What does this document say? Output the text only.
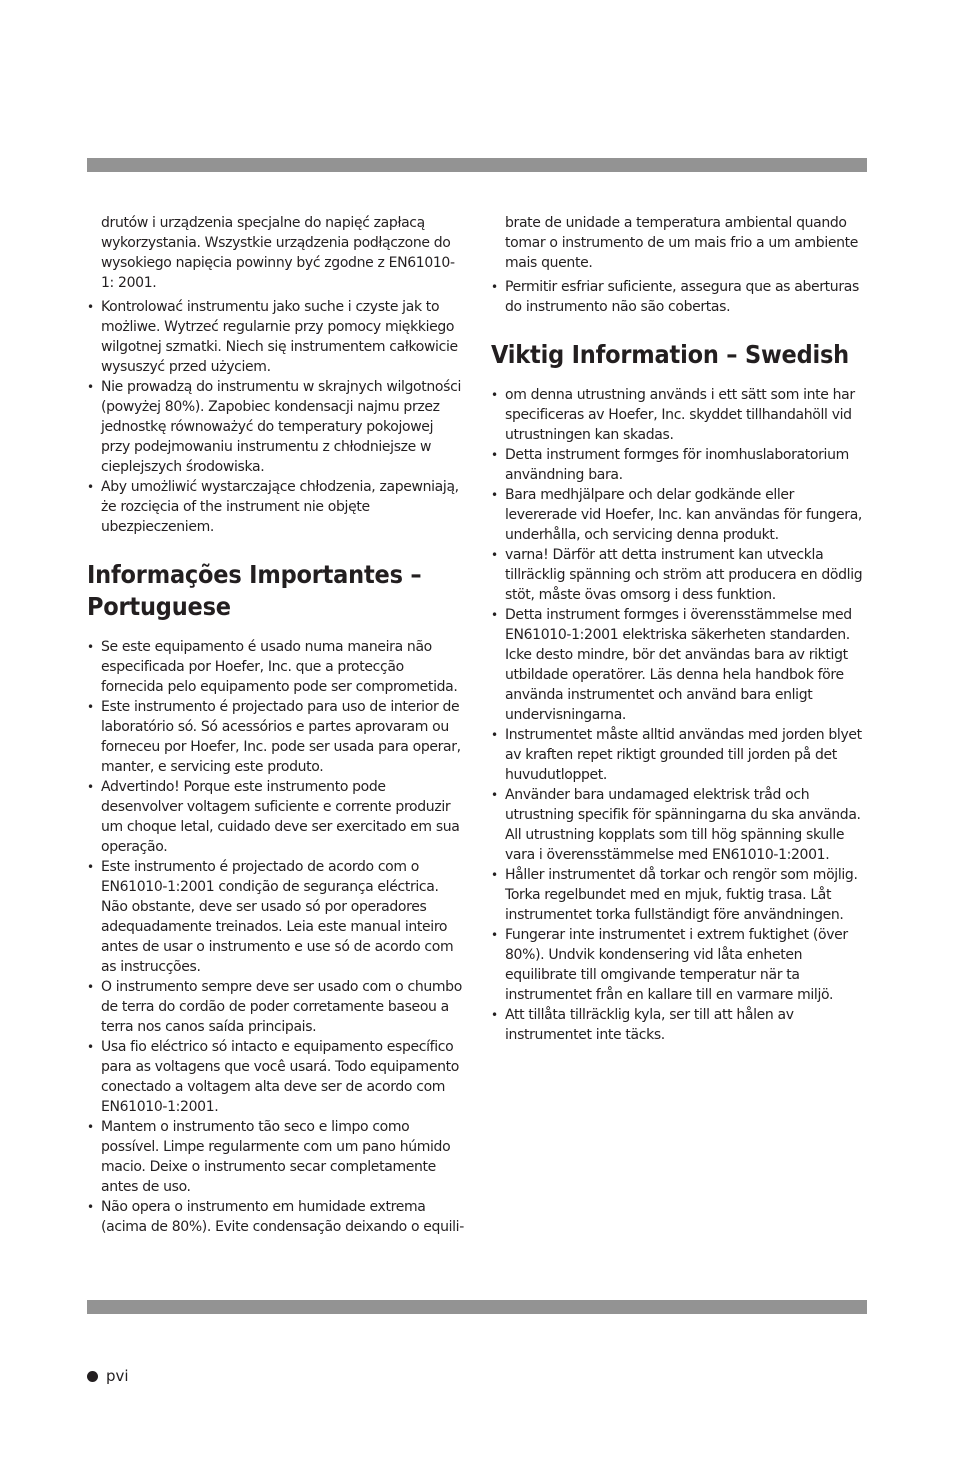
drutów i urządzenia specjalne do napięć zapłacą wykorzystania. Wszystkie urządzenia podłączone do wysokiego napięcia powinny być zgodne z EN61010-1: 2001.

• Kontrolować instrumentu jako suche i czyste jak to możliwe. Wytrzeć regularnie przy pomocy miękkiego wilgotnej szmatki. Niech się instrumentem całkowicie wysuszyć przed użyciem.
• Nie prowadzą do instrumentu w skrajnych wilgotności (powyżej 80%). Zapobiec kondensacji najmu przez jednostkę równoważyć do temperatury pokojowej przy podejmowaniu instrumentu z chłodniejsze w cieplejszych środowiska.
• Aby umożliwić wystarczające chłodzenia, zapewniają, że rozcięcia of the instrument nie objęte ubezpieczeniem.
Informações Importantes – Portuguese
• Se este equipamento é usado numa maneira não especificada por Hoefer, Inc. que a protecção fornecida pelo equipamento pode ser comprometida.
• Este instrumento é projectado para uso de interior de laboratório só. Só acessórios e partes aprovaram ou forneceu por Hoefer, Inc. pode ser usada para operar, manter, e servicing este produto.
• Advertindo! Porque este instrumento pode desenvolver voltagem suficiente e corrente produzir um choque letal, cuidado deve ser exercitado em sua operação.
• Este instrumento é projectado de acordo com o EN61010-1:2001 condição de segurança eléctrica. Não obstante, deve ser usado só por operadores adequadamente treinados. Leia este manual inteiro antes de usar o instrumento e use só de acordo com as instrucções.
• O instrumento sempre deve ser usado com o chumbo de terra do cordão de poder corretamente baseou a terra nos canos saída principais.
• Usa fio eléctrico só intacto e equipamento específico para as voltagens que você usará. Todo equipamento conectado a voltagem alta deve ser de acordo com EN61010-1:2001.
• Mantem o instrumento tão seco e limpo como possível. Limpe regularmente com um pano húmido macio. Deixe o instrumento secar completamente antes de uso.
• Não opera o instrumento em humidade extrema (acima de 80%). Evite condensação deixando o equili-

brate de unidade a temperatura ambiental quando tomar o instrumento de um mais frio a um ambiente mais quente.

• Permitir esfriar suficiente, assegura que as aberturas do instrumento não são cobertas.
Viktig Information – Swedish
• om denna utrustning används i ett sätt som inte har specificeras av Hoefer, Inc. skyddet tillhandahöll vid utrustningen kan skadas.
• Detta instrument formges för inomhuslaboratorium användning bara.
• Bara medhjälpare och delar godkände eller levererade vid Hoefer, Inc. kan användas för fungera, underhålla, och servicing denna produkt.
• varna! Därför att detta instrument kan utveckla tillräcklig spänning och ström att producera en dödlig stöt, måste övas omsorg i dess funktion.
• Detta instrument formges i överensstämmelse med EN61010-1:2001 elektriska säkerheten standarden. Icke desto mindre, bör det användas bara av riktigt utbildade operatörer. Läs denna hela handbok före använda instrumentet och använd bara enligt undervisningarna.
• Instrumentet måste alltid användas med jorden blyet av kraften repet riktigt grounded till jorden på det huvudutloppet.
• Använder bara undamaged elektrisk tråd och utrustning specifik för spänningarna du ska använda. All utrustning kopplats som till hög spänning skulle vara i överensstämmelse med EN61010-1:2001.
• Håller instrumentet då torkar och rengör som möjlig. Torka regelbundet med en mjuk, fuktig trasa. Låt instrumentet torka fullständigt före användningen.
• Fungerar inte instrumentet i extrem fuktighet (över 80%). Undvik kondensering vid låta enheten equilibrate till omgivande temperatur när ta instrumentet från en kallare till en varmare miljö.
• Att tillåta tillräcklig kyla, ser till att hålen av instrumentet inte täcks.
pvi
